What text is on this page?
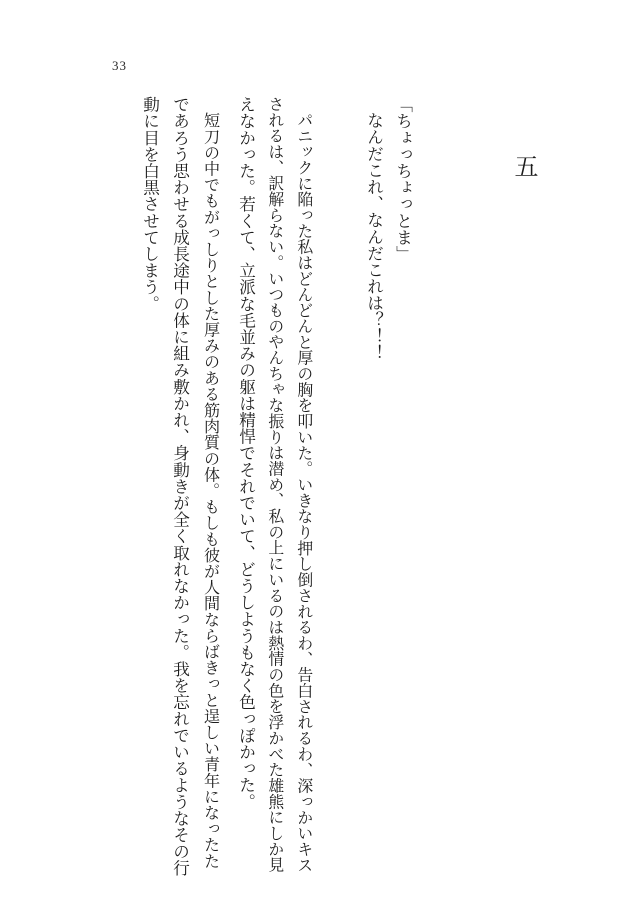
33
五
「ちょっちょっとま」
なんだこれ、なんだこれは？！！
パニックに陥った私はどんどんと厚の胸を叩いた。いきなり押し倒されるわ、告白されるわ、深っかいキス
されるは、訳解らない。いつものやんちゃな振りは潜め、私の上にいるのは熱情の色を浮かべた雄熊にしか見
えなかった。若くて、立派な毛並みの躯は精悍でそれでいて、どうしようもなく色っぽかった。
短刀の中でもがっしりとした厚みのある筋肉質の体。もしも彼が人間ならばきっと逞しい青年になったた
であろう思わせる成長途中の体に組み敷かれ、身動きが全く取れなかった。我を忘れでいるようなその行
動に目を白黒させてしまう。
